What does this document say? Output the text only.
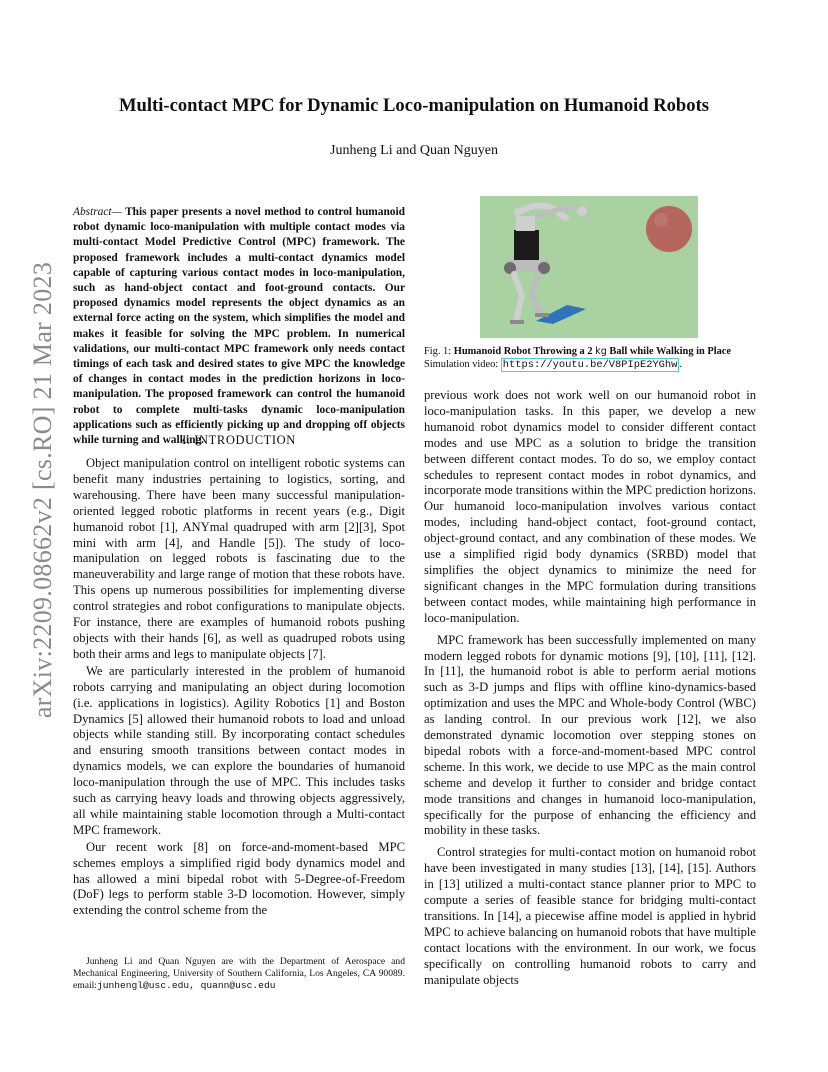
Multi-contact MPC for Dynamic Loco-manipulation on Humanoid Robots
Junheng Li and Quan Nguyen
arXiv:2209.08662v2 [cs.RO] 21 Mar 2023
Abstract— This paper presents a novel method to control humanoid robot dynamic loco-manipulation with multiple contact modes via multi-contact Model Predictive Control (MPC) framework. The proposed framework includes a multi-contact dynamics model capable of capturing various contact modes in loco-manipulation, such as hand-object contact and foot-ground contacts. Our proposed dynamics model represents the object dynamics as an external force acting on the system, which simplifies the model and makes it feasible for solving the MPC problem. In numerical validations, our multi-contact MPC framework only needs contact timings of each task and desired states to give MPC the knowledge of changes in contact modes in the prediction horizons in loco-manipulation. The proposed framework can control the humanoid robot to complete multi-tasks dynamic loco-manipulation applications such as efficiently picking up and dropping off objects while turning and walking.
I. INTRODUCTION

Object manipulation control on intelligent robotic systems can benefit many industries pertaining to logistics, sorting, and warehousing. There have been many successful manipulation-oriented legged robotic platforms in recent years (e.g., Digit humanoid robot [1], ANYmal quadruped with arm [2][3], Spot mini with arm [4], and Handle [5]). The study of loco-manipulation on legged robots is fascinating due to the maneuverability and large range of motion that these robots have. This opens up numerous possibilities for implementing diverse control strategies and robot configurations to manipulate objects. For instance, there are examples of humanoid robots pushing objects with their hands [6], as well as quadruped robots using both their arms and legs to manipulate objects [7].

We are particularly interested in the problem of humanoid robots carrying and manipulating an object during locomotion (i.e. applications in logistics). Agility Robotics [1] and Boston Dynamics [5] allowed their humanoid robots to load and unload objects while standing still. By incorporating contact schedules and ensuring smooth transitions between contact modes in dynamics models, we can explore the boundaries of humanoid loco-manipulation through the use of MPC. This includes tasks such as carrying heavy loads and throwing objects aggressively, all while maintaining stable locomotion through a Multi-contact MPC framework.

Our recent work [8] on force-and-moment-based MPC schemes employs a simplified rigid body dynamics model and has allowed a mini bipedal robot with 5-Degree-of-Freedom (DoF) legs to perform stable 3-D locomotion. However, simply extending the control scheme from the

Junheng Li and Quan Nguyen are with the Department of Aerospace and Mechanical Engineering, University of Southern California, Los Angeles, CA 90089. email:junhengl@usc.edu, quann@usc.edu

Fig. 1: Humanoid Robot Throwing a 2 kg Ball while Walking in Place
Simulation video: https://youtu.be/V8PIpE2YGhw .

previous work does not work well on our humanoid robot in loco-manipulation tasks. In this paper, we develop a new humanoid robot dynamics model to consider different contact modes and use MPC as a solution to bridge the transition between different contact modes. To do so, we employ contact schedules to represent contact modes in robot dynamics, and incorporate mode transitions within the MPC prediction horizons. Our humanoid loco-manipulation involves various contact modes, including hand-object contact, foot-ground contact, object-ground contact, and any combination of these modes. We use a simplified rigid body dynamics (SRBD) model that simplifies the object dynamics to minimize the need for significant changes in the MPC formulation during transitions between contact modes, while maintaining high performance in loco-manipulation.

MPC framework has been successfully implemented on many modern legged robots for dynamic motions [9], [10], [11], [12]. In [11], the humanoid robot is able to perform aerial motions such as 3-D jumps and flips with offline kino-dynamics-based optimization and uses the MPC and Whole-body Control (WBC) as landing control. In our previous work [12], we also demonstrated dynamic locomotion over stepping stones on bipedal robots with a force-and-moment-based MPC control scheme. In this work, we decide to use MPC as the main control scheme and develop it further to consider and bridge contact mode transitions and changes in humanoid loco-manipulation, specifically for the purpose of enhancing the efficiency and mobility in these tasks.

Control strategies for multi-contact motion on humanoid robot have been investigated in many studies [13], [14], [15]. Authors in [13] utilized a multi-contact stance planner prior to MPC to compute a series of feasible stance for bridging multi-contact transitions. In [14], a piecewise affine model is applied in hybrid MPC to achieve balancing on humanoid robots that have multiple contact locations with the environment. In our work, we focus specifically on controlling humanoid robots to carry and manipulate objects
